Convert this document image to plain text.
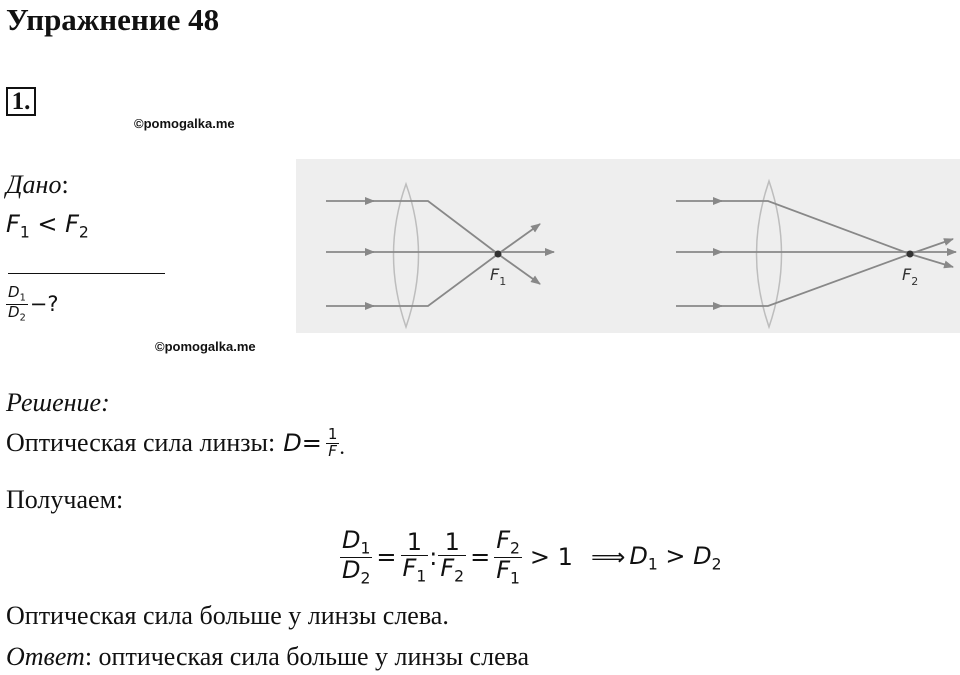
Упражнение 48
1.
©pomogalka.me
Дано:
$F_1 < F_2$
$\frac{D_1}{D_2}$ −?
©pomogalka.me
$F_1$	$F_2$
Решение:
Оптическая сила линзы: $D = \frac{1}{F}$ .
Получаем:
$\frac{D_1}{D_2} = \frac{1}{F_1}$ : $\frac{1}{F_2} = \frac{F_2}{F_1} > 1$ ⟹ $D_1 > D_2$
Оптическая сила больше у линзы слева.
Ответ: оптическая сила больше у линзы слева
